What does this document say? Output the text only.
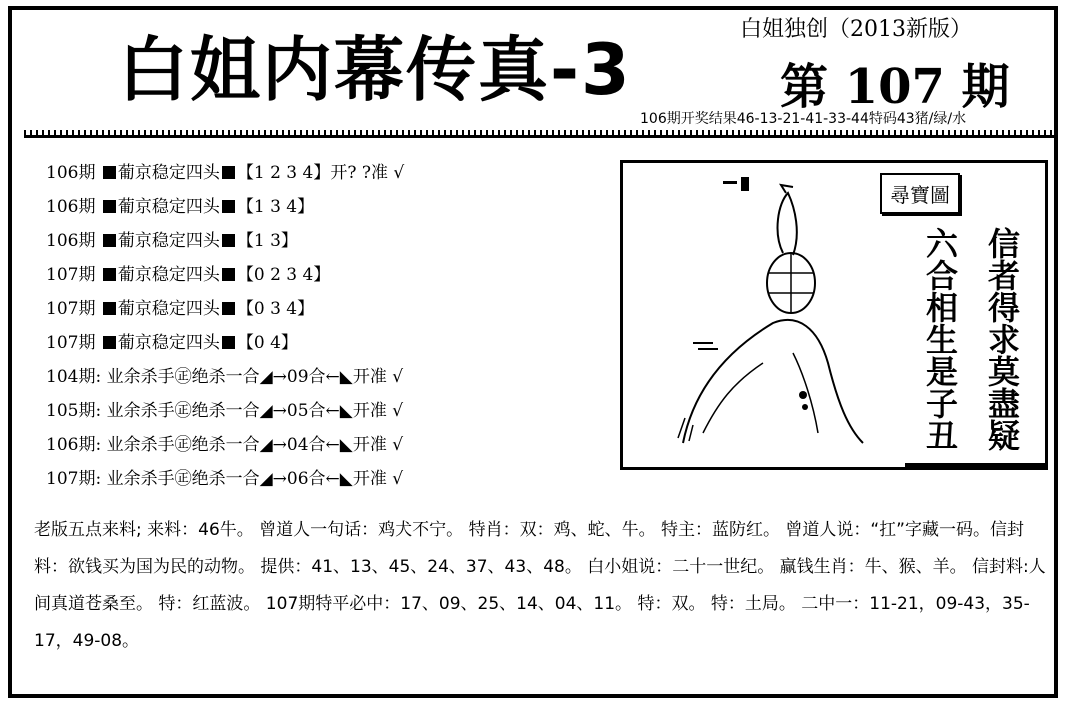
白姐内幕传真-3	白姐独创（2013新版）
第 107 期
106期开奖结果46-13-21-41-33-44特码43猪/绿/水
106期 葡京稳定四头 【1 2 3 4】开? ?准 √
106期 葡京稳定四头 【1 3 4】
106期 葡京稳定四头 【1 3】
107期 葡京稳定四头 【0 2 3 4】
107期 葡京稳定四头 【0 3 4】
107期 葡京稳定四头 【0 4】
104期: 业余杀手㊣绝杀一合◢→09合←◣开准 √
105期: 业余杀手㊣绝杀一合◢→05合←◣开准 √
106期: 业余杀手㊣绝杀一合◢→04合←◣开准 √
107期: 业余杀手㊣绝杀一合◢→06合←◣开准 √
尋寶圖
信者得求莫盡疑
六合相生是子丑

老版五点来料; 来料：46牛。 曾道人一句话：鸡犬不宁。 特肖：双：鸡、蛇、牛。 特主：蓝防红。 曾道人说：“扛”字藏一码。信封料：欲钱买为国为民的动物。 提供：41、13、45、24、37、43、48。 白小姐说：二十一世纪。 赢钱生肖：牛、猴、羊。 信封料:人间真道苍桑至。 特：红蓝波。 107期特平必中：17、09、25、14、04、11。 特：双。 特：土局。 二中一：11-21，09-43，35-17，49-08。
